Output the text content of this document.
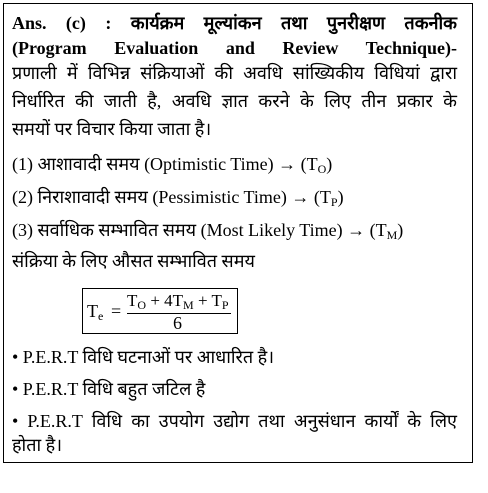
Ans. (c) : कार्यक्रम मूल्यांकन तथा पुनरीक्षण तकनीक
(Program Evaluation and Review Technique)-
प्रणाली में विभिन्न संक्रियाओं की अवधि सांख्यिकीय विधियां द्वारा
निर्धारित की जाती है, अवधि ज्ञात करने के लिए तीन प्रकार के
समयों पर विचार किया जाता है।
(1) आशावादी समय (Optimistic Time) → $(T_O)$
(2) निराशावादी समय (Pessimistic Time) → $(T_P)$
(3) सर्वाधिक सम्भावित समय (Most Likely Time) → $(T_M)$
संक्रिया के लिए औसत सम्भावित समय
$T_e$ =
$T_O + 4T_M + T_P$
6
• P.E.R.T विधि घटनाओं पर आधारित है।
• P.E.R.T विधि बहुत जटिल है
• P.E.R.T विधि का उपयोग उद्योग तथा अनुसंधान कार्यों के लिए
होता है।
